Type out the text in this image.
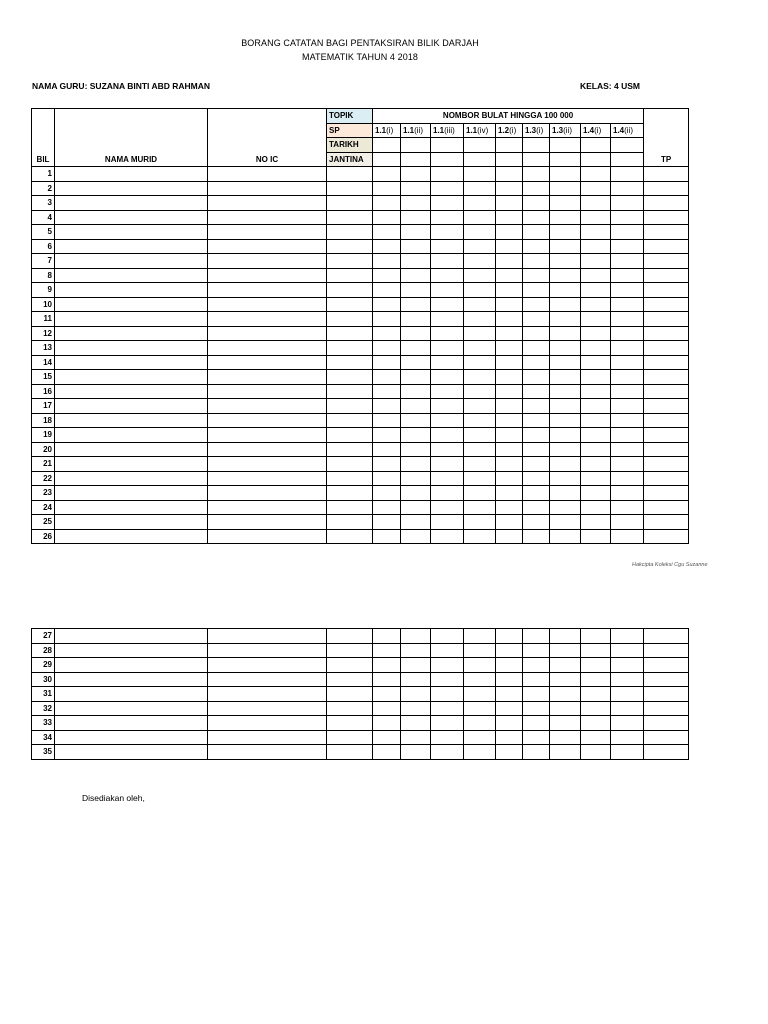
BORANG CATATAN BAGI PENTAKSIRAN BILIK DARJAH
MATEMATIK TAHUN 4 2018
NAMA GURU: SUZANA BINTI ABD RAHMAN	KELAS: 4 USM
BIL	NAMA MURID	NO IC	TOPIK	NOMBOR BULAT HINGGA 100 000									TP
			SP	1.1(i)	1.1(ii)	1.1(iii)	1.1(iv)	1.2(i)	1.3(i)	1.3(ii)	1.4(i)	1.4(ii)	
			TARIKH										
			JANTINA										
1													
2													
3													
4													
5													
6													
7													
8													
9													
10													
11													
12													
13													
14													
15													
16													
17													
18													
19													
20													
21													
22													
23													
24													
25													
26													
Hakcipta Koleksi Cgu Suzanne
27													
28													
29													
30													
31													
32													
33													
34													
35													
Disediakan oleh,
